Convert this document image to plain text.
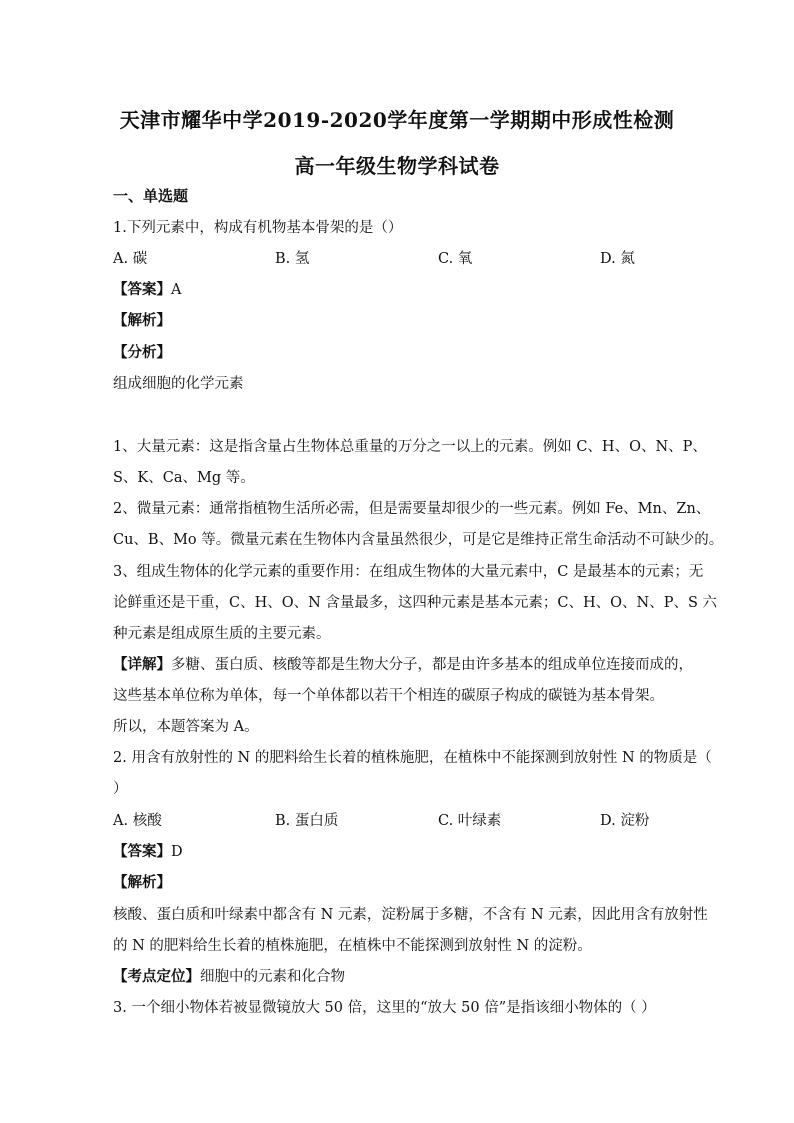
天津市耀华中学2019-2020学年度第一学期期中形成性检测
高一年级生物学科试卷
一、单选题
1.下列元素中，构成有机物基本骨架的是（）
A. 碳	B. 氢	C. 氧	D. 氮
【答案】A
【解析】
【分析】
组成细胞的化学元素
1、大量元素：这是指含量占生物体总重量的万分之一以上的元素。例如 C、H、O、N、P、
S、K、Ca、Mg 等。
2、微量元素：通常指植物生活所必需，但是需要量却很少的一些元素。例如 Fe、Mn、Zn、
Cu、B、Mo 等。微量元素在生物体内含量虽然很少，可是它是维持正常生命活动不可缺少的。
3、组成生物体的化学元素的重要作用：在组成生物体的大量元素中，C 是最基本的元素；无
论鲜重还是干重，C、H、O、N 含量最多，这四种元素是基本元素；C、H、O、N、P、S 六
种元素是组成原生质的主要元素。
【详解】多糖、蛋白质、核酸等都是生物大分子，都是由许多基本的组成单位连接而成的，
这些基本单位称为单体，每一个单体都以若干个相连的碳原子构成的碳链为基本骨架。
所以，本题答案为 A。
2. 用含有放射性的 N 的肥料给生长着的植株施肥，在植株中不能探测到放射性 N 的物质是（
）
A. 核酸	B. 蛋白质	C. 叶绿素	D. 淀粉
【答案】D
【解析】
核酸、蛋白质和叶绿素中都含有 N 元素，淀粉属于多糖，不含有 N 元素，因此用含有放射性
的 N 的肥料给生长着的植株施肥，在植株中不能探测到放射性 N 的淀粉。
【考点定位】细胞中的元素和化合物
3. 一个细小物体若被显微镜放大 50 倍，这里的“放大 50 倍”是指该细小物体的（ ）
